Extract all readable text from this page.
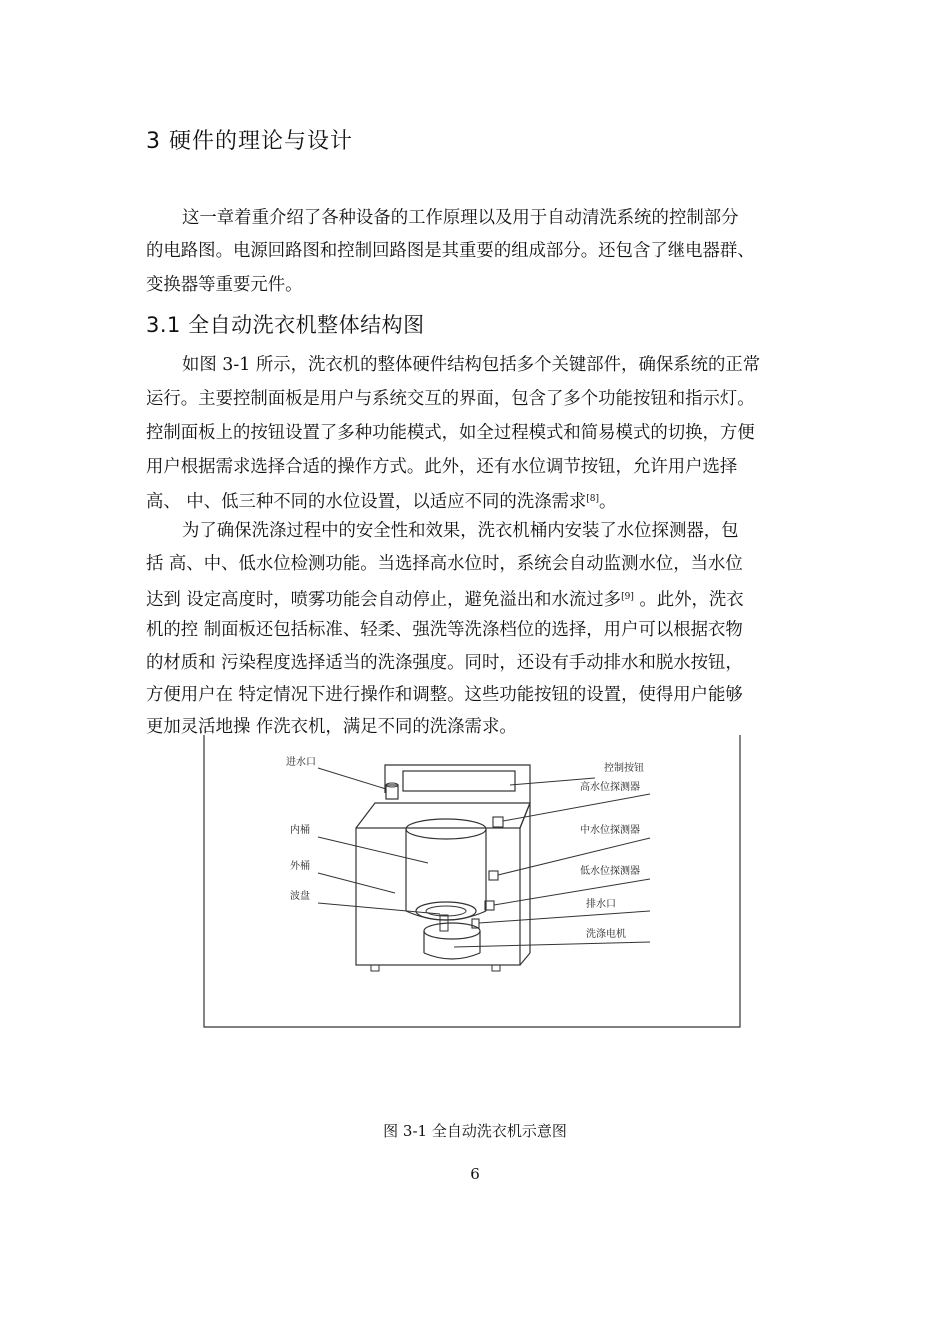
3 硬件的理论与设计
这一章着重介绍了各种设备的工作原理以及用于自动清洗系统的控制部分
的电路图。电源回路图和控制回路图是其重要的组成部分。还包含了继电器群、
变换器等重要元件。
3.1 全自动洗衣机整体结构图
如图 3-1 所示，洗衣机的整体硬件结构包括多个关键部件，确保系统的正常
运行。主要控制面板是用户与系统交互的界面，包含了多个功能按钮和指示灯。
控制面板上的按钮设置了多种功能模式，如全过程模式和简易模式的切换，方便
用户根据需求选择合适的操作方式。此外，还有水位调节按钮，允许用户选择
高、 中、低三种不同的水位设置，以适应不同的洗涤需求[8]。
为了确保洗涤过程中的安全性和效果，洗衣机桶内安装了水位探测器，包
括 高、中、低水位检测功能。当选择高水位时，系统会自动监测水位，当水位
达到 设定高度时，喷雾功能会自动停止，避免溢出和水流过多[9] 。此外，洗衣
机的控 制面板还包括标准、轻柔、强洗等洗涤档位的选择，用户可以根据衣物
的材质和 污染程度选择适当的洗涤强度。同时，还设有手动排水和脱水按钮，
方便用户在 特定情况下进行操作和调整。这些功能按钮的设置，使得用户能够
更加灵活地操 作洗衣机，满足不同的洗涤需求。
进水口
内桶
外桶
波盘
控制按钮
高水位探测器
中水位探测器
低水位探测器
排水口
洗涤电机
图 3-1 全自动洗衣机示意图
6
